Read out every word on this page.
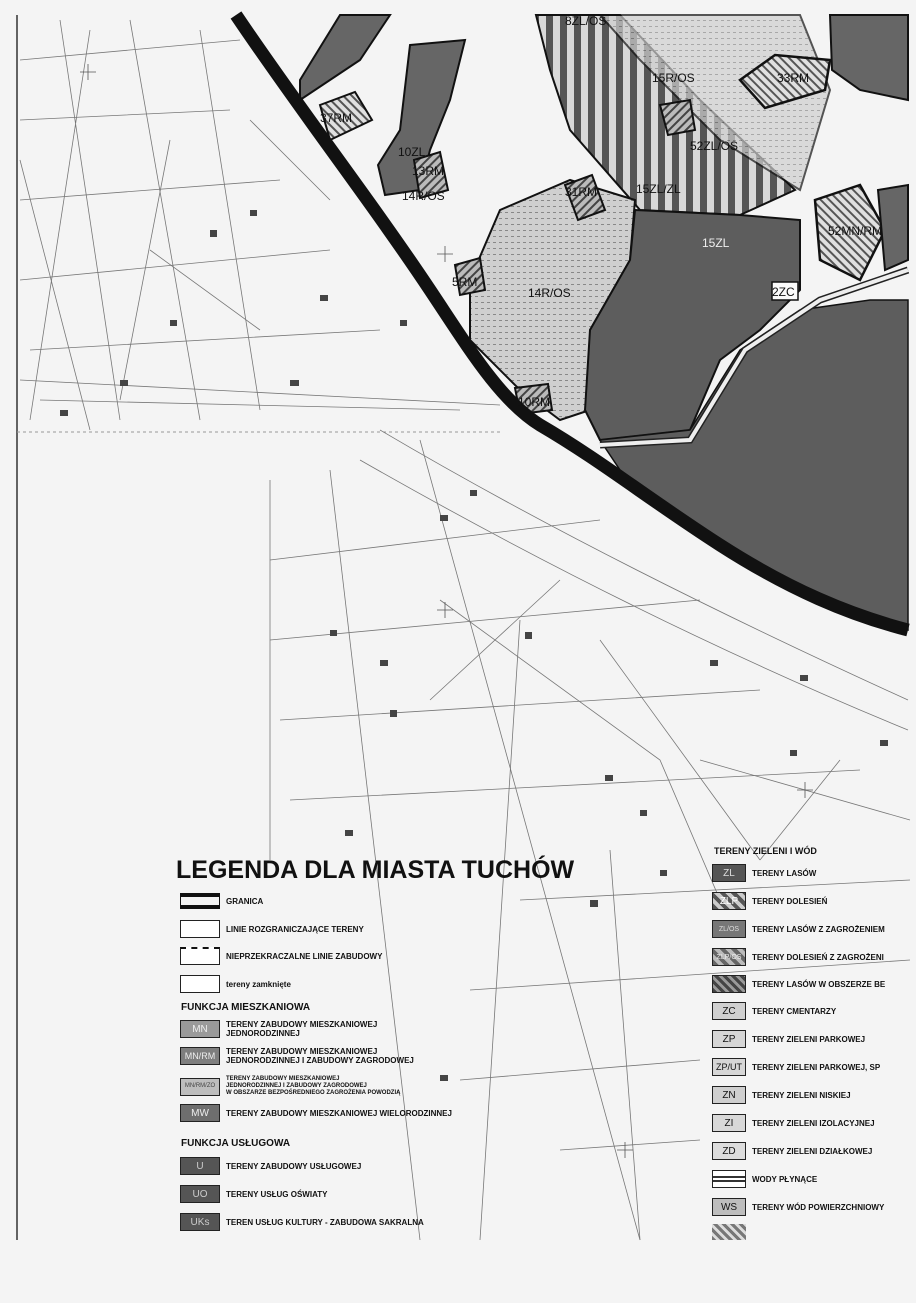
8ZL/OS
15R/OS	33RM
37RM
10ZL
13RM
14R/OS
52ZL/OS
31RM	15ZL/ZL
15ZL
52MN/RM
5RM
14R/OS	2ZC
10RM
LEGENDA DLA MIASTA TUCHÓW
GRANICA
LINIE ROZGRANICZAJĄCE TERENY
NIEPRZEKRACZALNE LINIE ZABUDOWY
tereny zamknięte
FUNKCJA MIESZKANIOWA
MN	TERENY ZABUDOWY MIESZKANIOWEJ
JEDNORODZINNEJ
MN/RM	TERENY ZABUDOWY MIESZKANIOWEJ
JEDNORODZINNEJ I ZABUDOWY ZAGRODOWEJ
MN/RM/ZO
TERENY ZABUDOWY MIESZKANIOWEJ
JEDNORODZINNEJ I ZABUDOWY ZAGRODOWEJ
W OBSZARZE BEZPOŚREDNIEGO ZAGROŻENIA POWODZIĄ
MW	TERENY ZABUDOWY MIESZKANIOWEJ WIELORODZINNEJ
FUNKCJA USŁUGOWA
U	TERENY ZABUDOWY USŁUGOWEJ
UO	TERENY USŁUG OŚWIATY
UKs	TEREN USŁUG KULTURY - ZABUDOWA SAKRALNA
TERENY ZIELENI I WÓD
ZL	TERENY LASÓW
ZLP	TERENY DOLESIEŃ
ZL/OS	TERENY LASÓW Z ZAGROŻENIEM
ZLP/OS	TERENY DOLESIEŃ Z ZAGROŻENI
TERENY LASÓW W OBSZERZE BE
ZC	TERENY CMENTARZY
ZP	TERENY ZIELENI PARKOWEJ
ZP/UT	TERENY ZIELENI PARKOWEJ, SP
ZN	TERENY ZIELENI NISKIEJ
ZI	TERENY ZIELENI IZOLACYJNEJ
ZD	TERENY ZIELENI DZIAŁKOWEJ
WODY PŁYNĄCE
WS	TERENY WÓD POWIERZCHNIOWY
